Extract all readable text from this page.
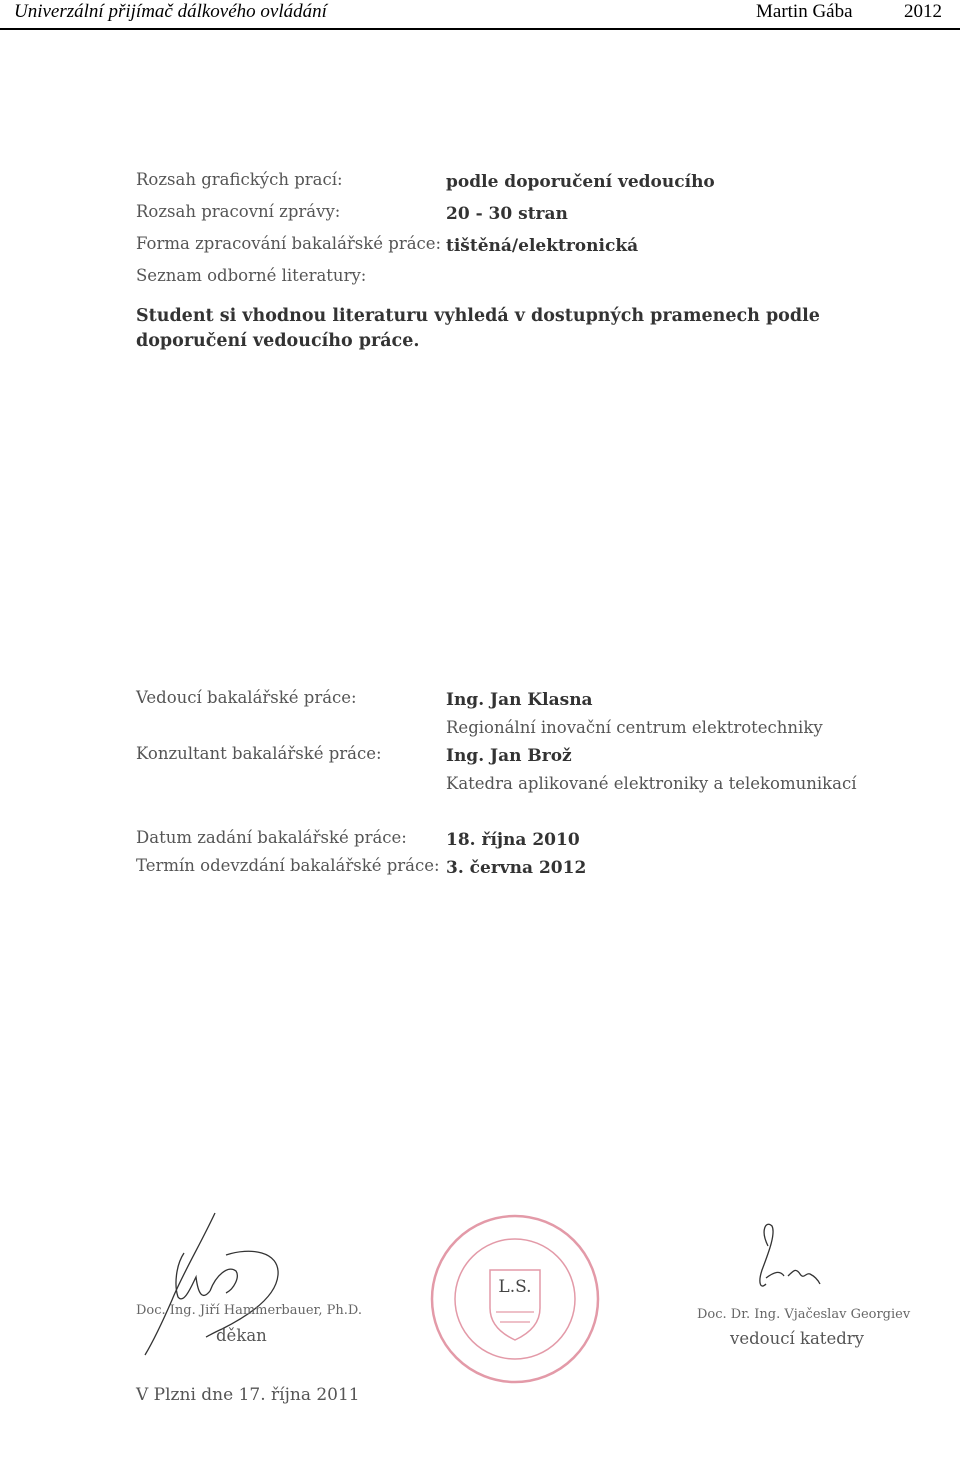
Univerzální přijímač dálkového ovládání	Martin Gába	2012
Rozsah grafických prací:	podle doporučení vedoucího
Rozsah pracovní zprávy:	20 - 30 stran
Forma zpracování bakalářské práce: tištěná/elektronická
Seznam odborné literatury:
Student si vhodnou literaturu vyhledá v dostupných pramenech podle doporučení vedoucího práce.
Vedoucí bakalářské práce:	Ing. Jan Klasna
Regionální inovační centrum elektrotechniky
Konzultant bakalářské práce:	Ing. Jan Brož
Katedra aplikované elektroniky a telekomunikací
Datum zadání bakalářské práce: 18. října 2010
Termín odevzdání bakalářské práce: 3. června 2012
Doc. Ing. Jiří Hammerbauer, Ph.D.
děkan
L.S.
Doc. Dr. Ing. Vjačeslav Georgiev
vedoucí katedry
V Plzni dne 17. října 2011
